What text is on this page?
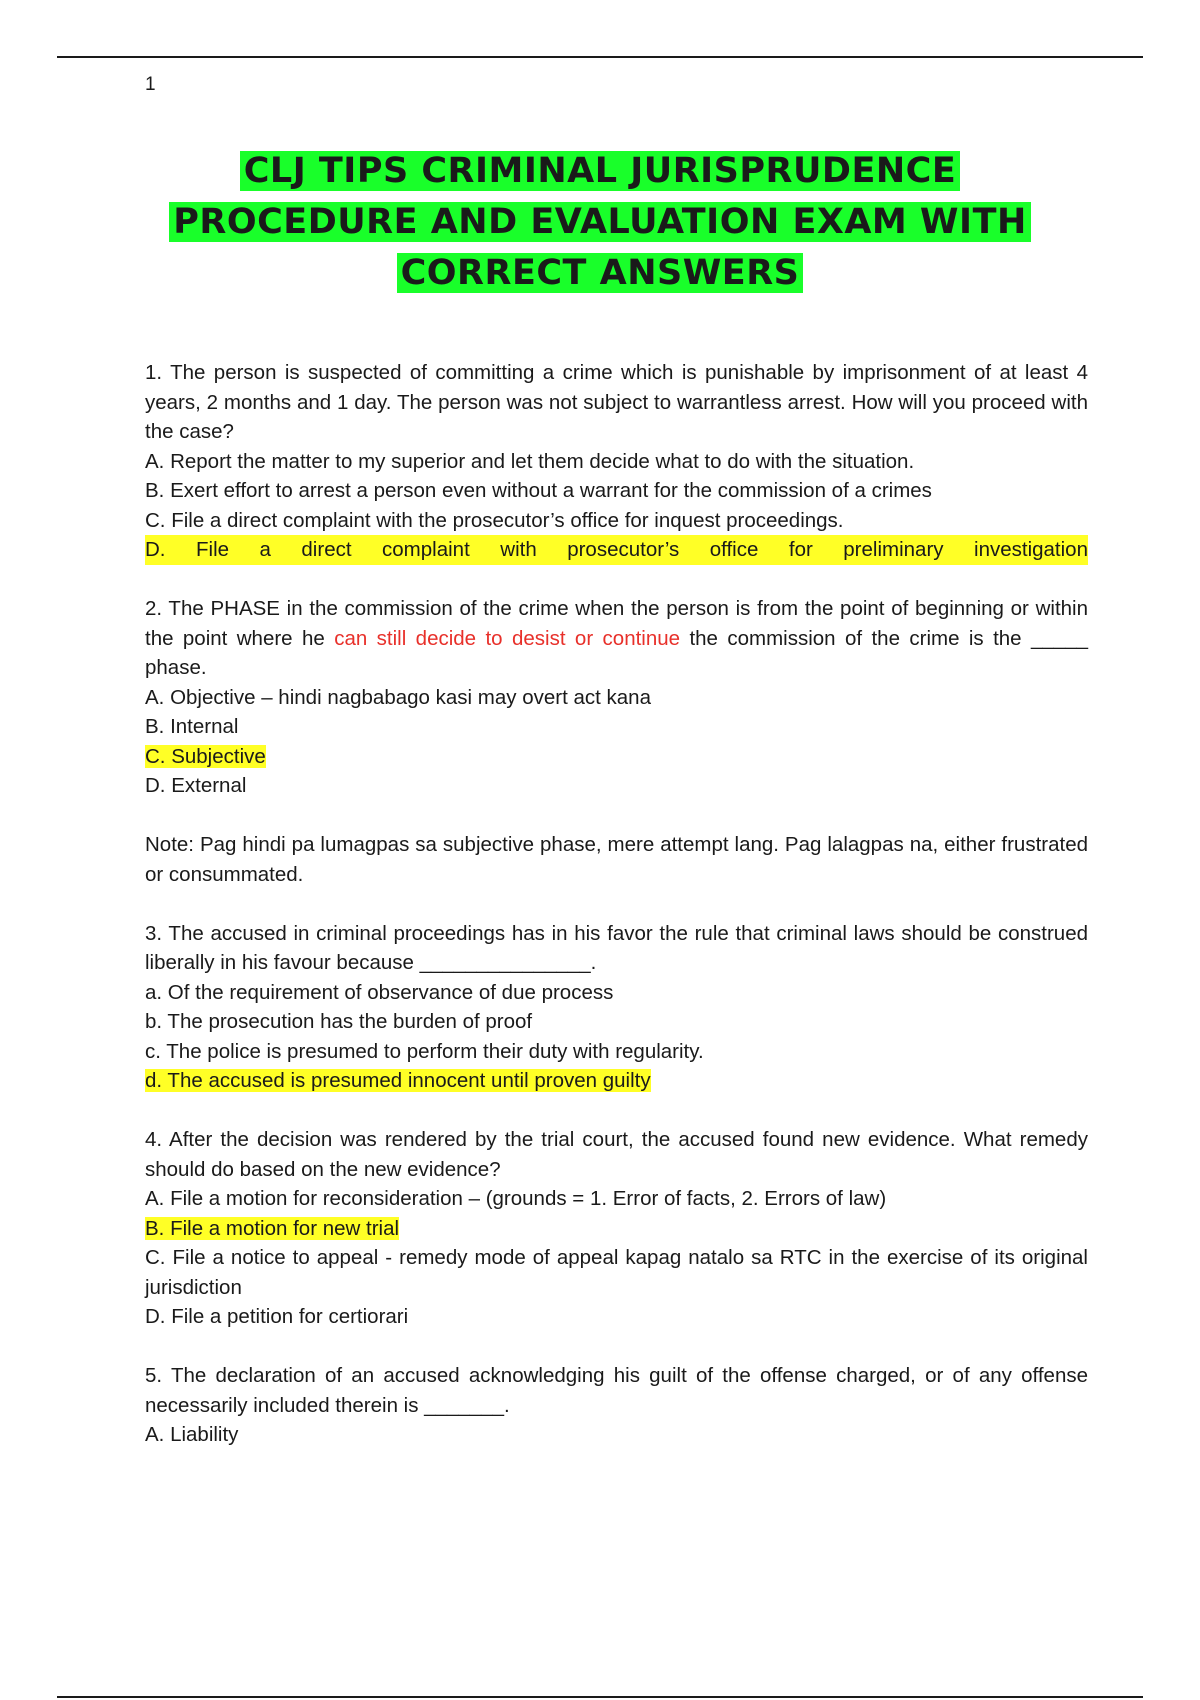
1
CLJ TIPS CRIMINAL JURISPRUDENCE
PROCEDURE AND EVALUATION EXAM WITH
CORRECT ANSWERS
1. The person is suspected of committing a crime which is punishable by imprisonment of at least 4 years, 2 months and 1 day. The person was not subject to warrantless arrest. How will you proceed with the case?
A. Report the matter to my superior and let them decide what to do with the situation.
B. Exert effort to arrest a person even without a warrant for the commission of a crimes
C. File a direct complaint with the prosecutor’s office for inquest proceedings.
D. File a direct complaint with prosecutor’s office for preliminary investigation
2. The PHASE in the commission of the crime when the person is from the point of beginning or within the point where he can still decide to desist or continue the commission of the crime is the _____ phase.
A. Objective – hindi nagbabago kasi may overt act kana
B. Internal
C. Subjective
D. External
Note: Pag hindi pa lumagpas sa subjective phase, mere attempt lang. Pag lalagpas na, either frustrated or consummated.
3. The accused in criminal proceedings has in his favor the rule that criminal laws should be construed liberally in his favour because _______________.
a. Of the requirement of observance of due process
b. The prosecution has the burden of proof
c. The police is presumed to perform their duty with regularity.
d. The accused is presumed innocent until proven guilty
4. After the decision was rendered by the trial court, the accused found new evidence. What remedy should do based on the new evidence?
A. File a motion for reconsideration – (grounds = 1. Error of facts, 2. Errors of law)
B. File a motion for new trial
C. File a notice to appeal - remedy mode of appeal kapag natalo sa RTC in the exercise of its original jurisdiction
D. File a petition for certiorari
5. The declaration of an accused acknowledging his guilt of the offense charged, or of any offense necessarily included therein is _______.
A. Liability
